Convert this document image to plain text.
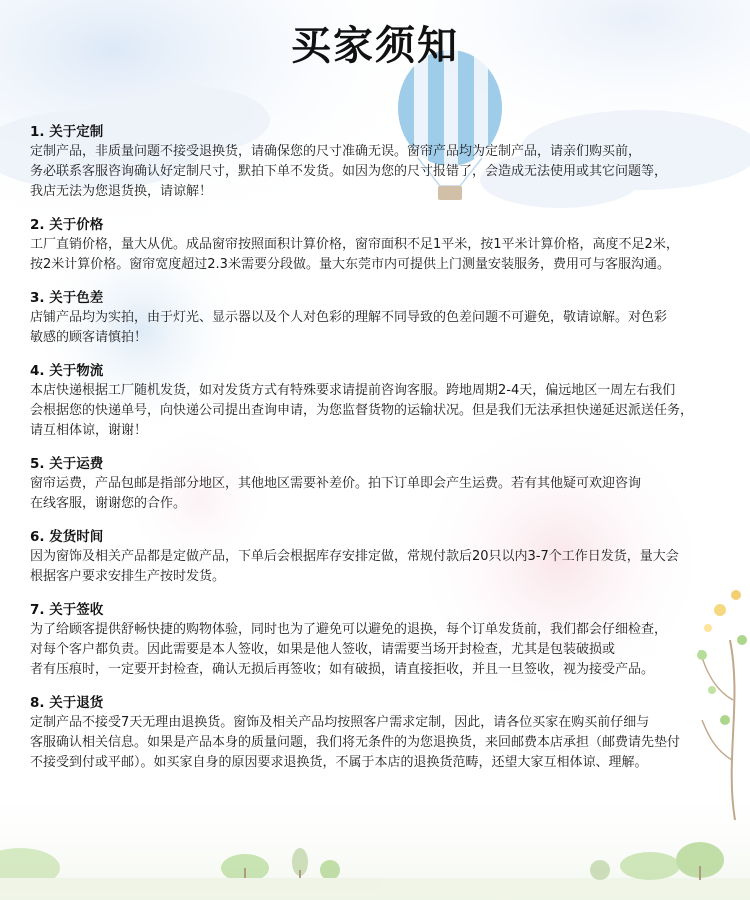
买家须知
1. 关于定制
定制产品，非质量问题不接受退换货，请确保您的尺寸准确无误。窗帘产品均为定制产品，请亲们购买前，
务必联系客服咨询确认好定制尺寸，默拍下单不发货。如因为您的尺寸报错了，会造成无法使用或其它问题等，
我店无法为您退货换，请谅解！
2. 关于价格
工厂直销价格，量大从优。成品窗帘按照面积计算价格，窗帘面积不足1平米，按1平米计算价格，高度不足2米，
按2米计算价格。窗帘宽度超过2.3米需要分段做。量大东莞市内可提供上门测量安装服务，费用可与客服沟通。
3. 关于色差
店铺产品均为实拍，由于灯光、显示器以及个人对色彩的理解不同导致的色差问题不可避免，敬请谅解。对色彩
敏感的顾客请慎拍！
4. 关于物流
本店快递根据工厂随机发货，如对发货方式有特殊要求请提前咨询客服。跨地周期2-4天，偏远地区一周左右我们
会根据您的快递单号，向快递公司提出查询申请，为您监督货物的运输状况。但是我们无法承担快递延迟派送任务，
请互相体谅，谢谢！
5. 关于运费
窗帘运费，产品包邮是指部分地区，其他地区需要补差价。拍下订单即会产生运费。若有其他疑可欢迎咨询
在线客服，谢谢您的合作。
6. 发货时间
因为窗饰及相关产品都是定做产品，下单后会根据库存安排定做，常规付款后20只以内3-7个工作日发货，量大会
根据客户要求安排生产按时发货。
7. 关于签收
为了给顾客提供舒畅快捷的购物体验，同时也为了避免可以避免的退换，每个订单发货前，我们都会仔细检查，
对每个客户都负责。因此需要是本人签收，如果是他人签收，请需要当场开封检查，尤其是包装破损或
者有压痕时，一定要开封检查，确认无损后再签收；如有破损，请直接拒收，并且一旦签收，视为接受产品。
8. 关于退货
定制产品不接受7天无理由退换货。窗饰及相关产品均按照客户需求定制，因此，请各位买家在购买前仔细与
客服确认相关信息。如果是产品本身的质量问题，我们将无条件的为您退换货，来回邮费本店承担（邮费请先垫付
不接受到付或平邮）。如买家自身的原因要求退换货，不属于本店的退换货范畴，还望大家互相体谅、理解。
